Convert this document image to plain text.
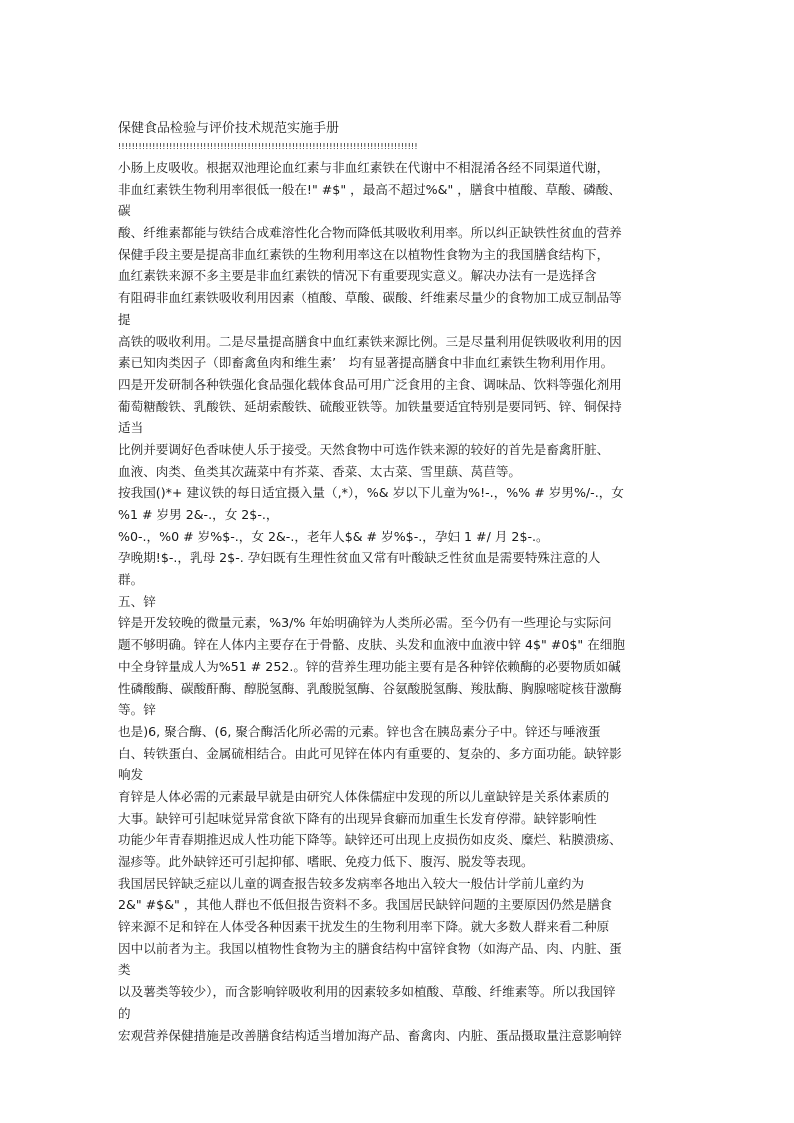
保健食品检验与评价技术规范实施手册
!!!!!!!!!!!!!!!!!!!!!!!!!!!!!!!!!!!!!!!!!!!!!!!!!!!!!!!!!!!!!!!!!!!!!!!!!!!!!!!!!!!!!!!!
小肠上皮吸收。根据双池理论血红素与非血红素铁在代谢中不相混淆各经不同渠道代谢，
非血红素铁生物利用率很低一般在!" #$" ，最高不超过%&" ，膳食中植酸、草酸、磷酸、
碳
酸、纤维素都能与铁结合成难溶性化合物而降低其吸收利用率。所以纠正缺铁性贫血的营养
保健手段主要是提高非血红素铁的生物利用率这在以植物性食物为主的我国膳食结构下，
血红素铁来源不多主要是非血红素铁的情况下有重要现实意义。解决办法有一是选择含
有阻碍非血红素铁吸收利用因素（植酸、草酸、碳酸、纤维素尽量少的食物加工成豆制品等
提
高铁的吸收利用。二是尽量提高膳食中血红素铁来源比例。三是尽量利用促铁吸收利用的因
素已知肉类因子（即畜禽鱼肉和维生素’　均有显著提高膳食中非血红素铁生物利用作用。
四是开发研制各种铁强化食品强化载体食品可用广泛食用的主食、调味品、饮料等强化剂用
葡萄糖酸铁、乳酸铁、延胡索酸铁、硫酸亚铁等。加铁量要适宜特别是要同钙、锌、铜保持
适当
比例并要调好色香味使人乐于接受。天然食物中可选作铁来源的较好的首先是畜禽肝脏、
血液、肉类、鱼类其次蔬菜中有芥菜、香菜、太古菜、雪里蕻、莴苣等。
按我国()*+ 建议铁的每日适宜摄入量（,*），%& 岁以下儿童为%!-.，%% # 岁男%/-.，女
%1 # 岁男 2&-.，女 2$-.，
%0-.，%0 # 岁%$-.，女 2&-.，老年人$& # 岁%$-.，孕妇 1 #/ 月 2$-.。
孕晚期!$-.，乳母 2$-. 孕妇既有生理性贫血又常有叶酸缺乏性贫血是需要特殊注意的人
群。
五、锌
锌是开发较晚的微量元素，%3/% 年始明确锌为人类所必需。至今仍有一些理论与实际问
题不够明确。锌在人体内主要存在于骨骼、皮肤、头发和血液中血液中锌 4$" #0$" 在细胞
中全身锌量成人为%51 # 252.。锌的营养生理功能主要有是各种锌依赖酶的必要物质如碱
性磷酸酶、碳酸酐酶、醇脱氢酶、乳酸脱氢酶、谷氨酸脱氢酶、羧肽酶、胸腺嘧啶核苷激酶
等。锌
也是)6, 聚合酶、(6, 聚合酶活化所必需的元素。锌也含在胰岛素分子中。锌还与唾液蛋
白、转铁蛋白、金属硫相结合。由此可见锌在体内有重要的、复杂的、多方面功能。缺锌影
响发
育锌是人体必需的元素最早就是由研究人体侏儒症中发现的所以儿童缺锌是关系体素质的
大事。缺锌可引起味觉异常食欲下降有的出现异食癖而加重生长发育停滞。缺锌影响性
功能少年青春期推迟成人性功能下降等。缺锌还可出现上皮损伤如皮炎、糜烂、粘膜溃疡、
湿疹等。此外缺锌还可引起抑郁、嗜眠、免疫力低下、腹泻、脱发等表现。
我国居民锌缺乏症以儿童的调查报告较多发病率各地出入较大一般估计学前儿童约为
2&" #$&" ，其他人群也不低但报告资料不多。我国居民缺锌问题的主要原因仍然是膳食
锌来源不足和锌在人体受各种因素干扰发生的生物利用率下降。就大多数人群来看二种原
因中以前者为主。我国以植物性食物为主的膳食结构中富锌食物（如海产品、肉、内脏、蛋
类
以及薯类等较少），而含影响锌吸收利用的因素较多如植酸、草酸、纤维素等。所以我国锌
的
宏观营养保健措施是改善膳食结构适当增加海产品、畜禽肉、内脏、蛋品摄取量注意影响锌
